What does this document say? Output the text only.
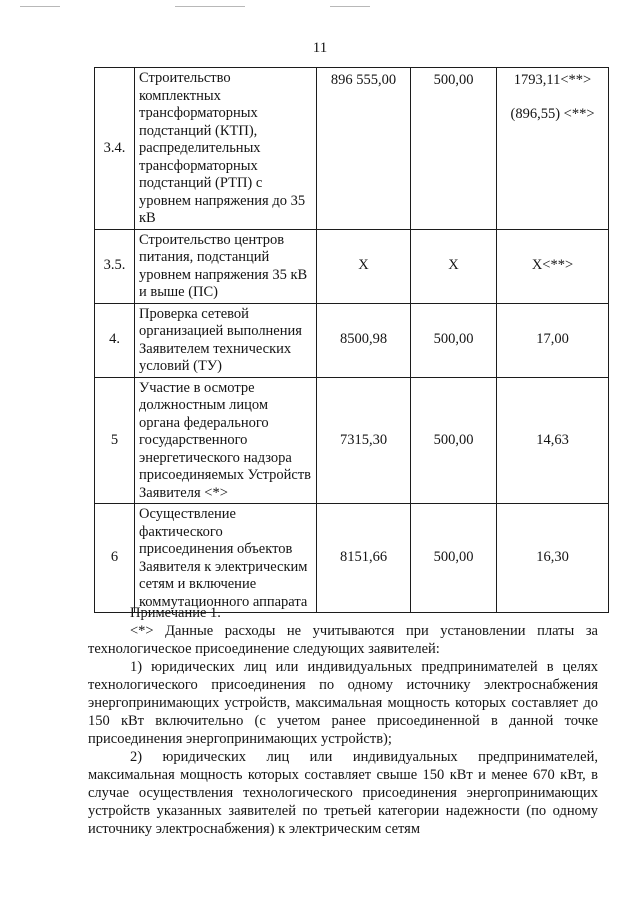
11
3.4.	Строительство комплектных трансформаторных подстанций (КТП), распределительных трансформаторных подстанций (РТП) с уровнем напряжения до 35 кВ	896 555,00	500,00	1793,11<**>
(896,55) <**>

3.5.	Строительство центров питания, подстанций уровнем напряжения 35 кВ и выше (ПС)	Х	Х	Х<**>
4.	Проверка сетевой организацией выполнения Заявителем технических условий (ТУ)	8500,98	500,00	17,00
5	Участие в осмотре должностным лицом органа федерального государственного энергетического надзора присоединяемых Устройств Заявителя <*>	7315,30	500,00	14,63
6	Осуществление фактического присоединения объектов Заявителя к электрическим сетям и включение коммутационного аппарата	8151,66	500,00	16,30

Примечание 1.

<*> Данные расходы не учитываются при установлении платы за технологическое присоединение следующих заявителей:

1) юридических лиц или индивидуальных предпринимателей в целях технологического присоединения по одному источнику электроснабжения энергопринимающих устройств, максимальная мощность которых составляет до 150 кВт включительно (с учетом ранее присоединенной в данной точке присоединения энергопринимающих устройств);

2) юридических лиц или индивидуальных предпринимателей, максимальная мощность которых составляет свыше 150 кВт и менее 670 кВт, в случае осуществления технологического присоединения энергопринимающих устройств указанных заявителей по третьей категории надежности (по одному источнику электроснабжения) к электрическим сетям
